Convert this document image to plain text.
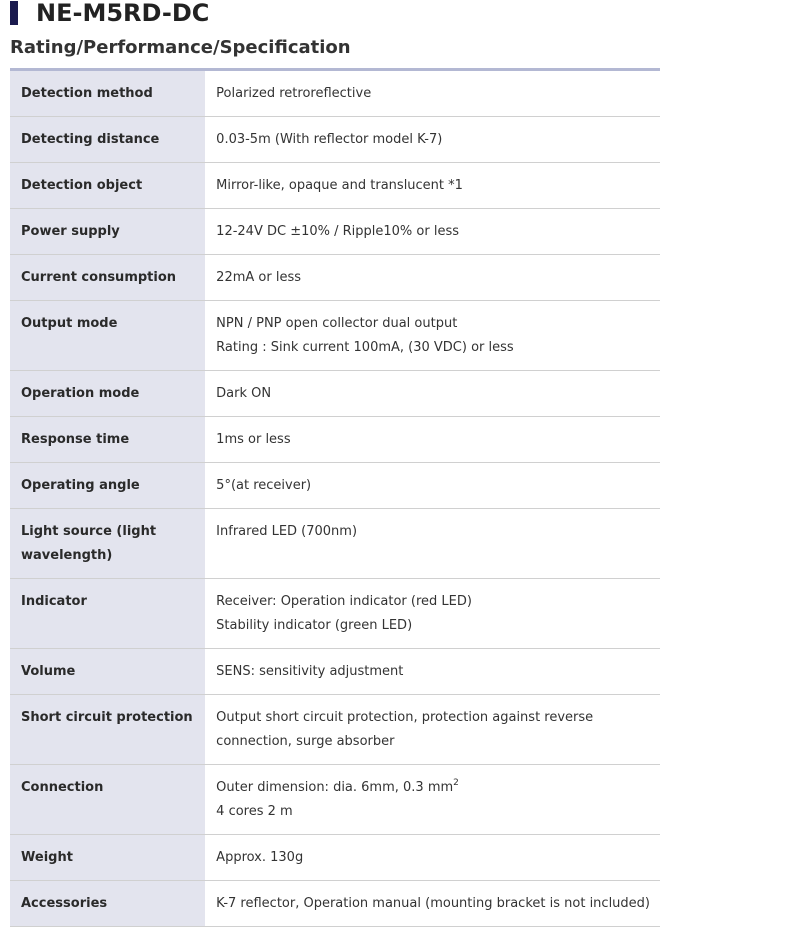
NE-M5RD-DC
Rating/Performance/Specification
Detection method	Polarized retroreflective

Detecting distance	0.03-5m (With reflector model K-7)

Detection object	Mirror-like, opaque and translucent *1

Power supply	12-24V DC ±10% / Ripple10% or less

Current consumption	22mA or less

Output mode	NPN / PNP open collector dual output
Rating : Sink current 100mA, (30 VDC) or less

Operation mode	Dark ON

Response time	1ms or less

Operating angle	5°(at receiver)

Light source (light wavelength)	Infrared LED (700nm)

Indicator	Receiver: Operation indicator (red LED)
Stability indicator (green LED)

Volume	SENS: sensitivity adjustment

Short circuit protection	Output short circuit protection, protection against reverse
connection, surge absorber

Connection	Outer dimension: dia. 6mm, 0.3 $mm^2$
4 cores 2 m

Weight	Approx. 130g

Accessories	K-7 reflector, Operation manual (mounting bracket is not included)
